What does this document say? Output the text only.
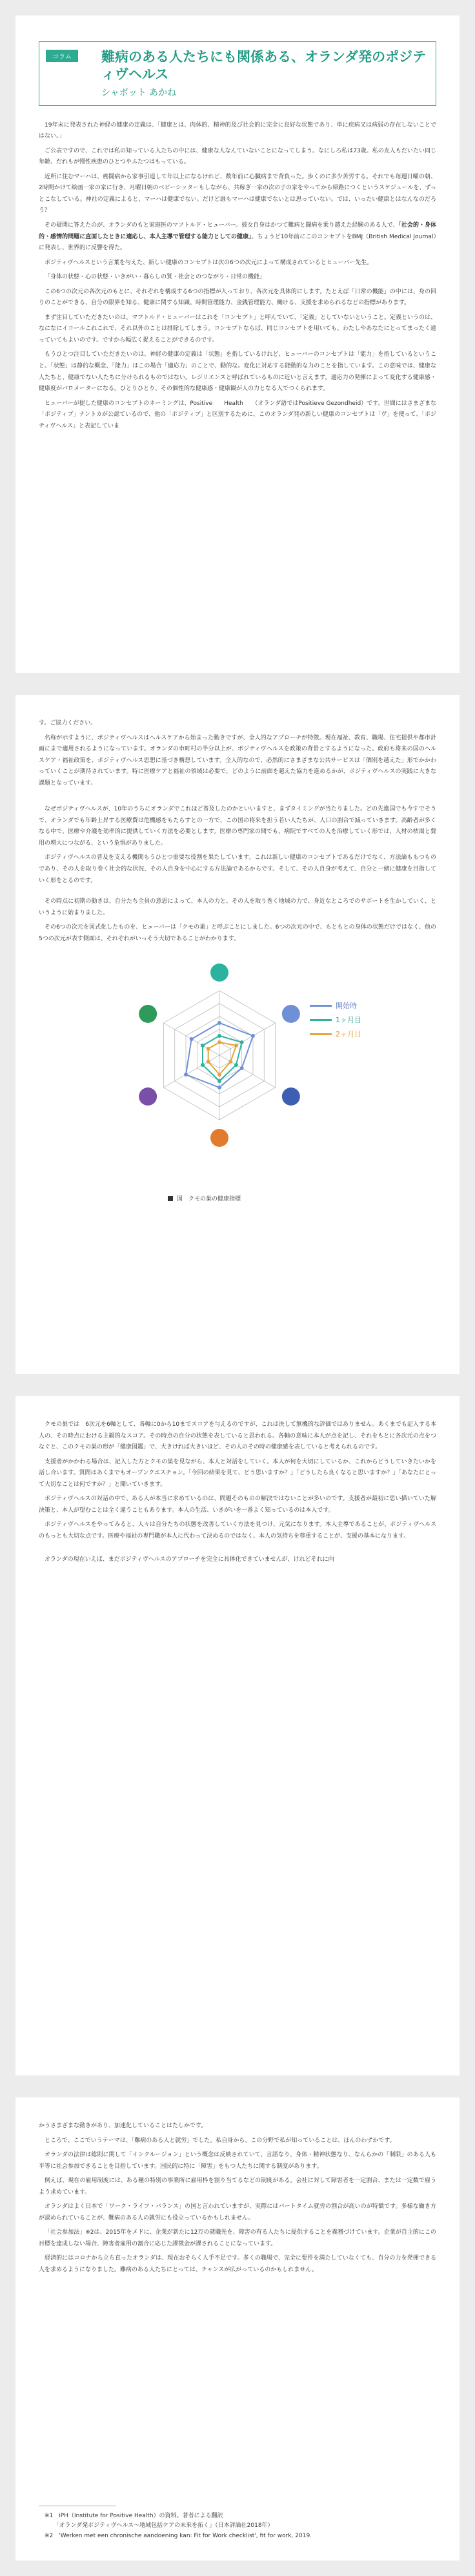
コラム	難病のある人たちにも関係ある、オランダ発のポジティヴヘルス
シャボット あかね

19年末に発表された神経の健康の定義は、「健康とは、肉体的、精神的及び社会的に完全に良好な状態であり、単に疾病又は病弱の存在しないことではない。」

ご公表ですので、これでは私の知っている人たちの中には、健康な人なんていないことになってしまう。なにしろ私は73歳。私の友人もだいたい同じ年齢。だれもが慢性疾患のひとつやふたつはもっている。

近所に住むマーハは、癌闘病から家事引退して年以上になるけれど、数年前に心臓病まで背負った。歩くのに多少苦労する。それでも毎週日曜の朝、2時間かけて絵画一家の家に行き、月曜日朝のベビーシッターもしながら、共稼ぎ一家の次の子の家をやってから帰路につくというスケジュールを、ずっとこなしている。神社の定義によると、マーハは健康でない。だけど誰もマーハは健康でないとは思っていない。では、いったい健康とはなんなのだろう？

その疑問に答えたのが、オランダのもと家庭医のマフトルド・ヒューバー。彼女自身はかつて難病と闘病を乗り越えた経験のある人で、「社会的・身体的・感情的問題に直面したときに適応し、本人主導で管理する能力としての健康」。ちょうど10年前にこのコンセプトをBMJ（British Medical Journal）に発表し、世界的に反響を得た。

ポジティヴヘルスという言葉を与えた、新しい健康のコンセプトは次の6つの次元によって構成されているとヒューバー先生。

「身体の状態・心の状態・いきがい・暮らしの質・社会とのつながり・日常の機能」

この6つの次元の各次元のもとに、それぞれを構成する6つの指標が入っており、各次元を具体的にします。たとえば「日常の機能」の中には、身の回りのことができる、自分の限界を知る、健康に関する知識、時間管理能力、金銭管理能力、働ける、支援を求められるなどの指標があります。

まず注目していただきたいのは、マフトルド・ヒューバーはこれを「コンセプト」と呼んでいて、「定義」としていないということ。定義というのは、なになにイコールこれこれで、それ以外のことは排除してしまう。コンセプトならば、同じコンセプトを用いても、わたしやあなたにとってまったく違っていてもよいのです。ですから幅広く捉えることができるのです。

もうひとつ注目していただきたいのは、神経の健康の定義は「状態」を指しているけれど、ヒューバーのコンセプトは「能力」を指しているということ。「状態」は静的な概念、「能力」はこの場合「適応力」のことで、動的な。変化に対応する能動的な力のことを指しています。この意味では、健康な人たちと、健康でない人たちに分けられるものではない。レジリエンスと呼ばれているものに近いと言えます。適応力の発揮によって変化する健康感・健康度がバロメーターになる。ひとりひとり、その個性的な健康感・健康観が人の力となる人でつくられます。

ヒューバーが提した健康のコンセプトのネーミングは、Positive　　Health　　（オランダ語ではPositieve Gezondheid）です。世間にはさまざまな「ポジティブ」ナントカが公認ているので、他の「ポジティブ」と区別するために、このオランダ発の新しい健康のコンセプトは「ヴ」を使って、「ポジティヴヘルス」と表記していま

す。ご協力ください。

名称が示すように、ポジティヴヘルスはヘルスケアから始まった動きですが、全人的なアプローチが特徴。現在福祉、教育、職場、住宅提供や都市計画にまで適用されるようになっています。オランダの市町村の半分以上が、ポジティヴヘルスを政策の背景とするようになった。政府も将来の国のヘルスケア・福祉政策を、ポジティヴヘルス思想に基づき構想しています。全人的なので、必然的にさまざまな公共サービスは「個別を越えた」形でかかわっていくことが期待されています。特に医療ケアと福祉の領域は必要で、どのように前面を越えた協力を進めるかが、ポジティヴヘルスの実践に大きな課題となっています。

なぜポジティヴヘルスが、10年のうちにオランダでこれほど普及したのかといいますと、まずタイミングが当たりました。どの先進国でも今すでそうで、オランダでも年齢上昇する医療費は危機感をもたらすとの一方で、この国の将来を担う若い人たちが、人口の割合で減っていきます。高齢者が多くなる中で、医療や介護を効率的に提供していく方法を必要とします。医療の専門家の間でも、病院ですべての人を治療していく形では、人材の枯渇と費用の増大につながる、という危惧がありました。

ポジティヴヘルスの普及を支える機関もうひとつ重要な役割を果たしています。これは新しい健康のコンセプトであるだけでなく、方法論ももつものであり、その人を取り巻く社会的な状況、その人自身を中心にする方法論であるからです。そして、その人自身が考えて、自分と一緒に健康を目指していく形をとるのです。

その時点に初期の動きは、自分たち全員の意思によって、本人の力と、その人を取り巻く地域の力で、身近なところでのサポートを生かしていく、というように始まりました。

その6つの次元を図式化したものを、ヒューバーは「クモの巣」と呼ぶことにしました。6つの次元の中で、もともとの身体の状態だけではなく、他の5つの次元が表す側面は、それぞれがいっそう大切であることがわかります。

開始時
1ヶ月目
2ヶ月目
図　クモの巣の健康指標

クモの巣では　6次元を6軸として、各軸に0から10までスコアを与えるのですが、これは決して無機的な評価ではありません。あくまでも記入する本人の、その時点における主観的なスコア。その時点の自分の状態を表していると思われる。各軸の意味に本人が点を記し、それをもとに各次元の点をつなぐと、このクモの巣の形が「健康図鑑」で、大きければ大きいほど、その人のその時の健康感を表していると考えられるのです。

支援者がかかわる場合は、記入した方とクモの巣を見ながら、本人と対話をしていく。本人が何を大切にしているか、これからどうしていきたいかを話し合います。質問はあくまでもオープンクエスチョン。「今回の結果を見て、どう思いますか？」「どうしたら良くなると思いますか？」「あなたにとって大切なことは何ですか？」と聞いていきます。

ポジティヴヘルスの対話の中で、ある人が本当に求めているのは、問題そのものの解決ではないことが多いのです。支援者が最初に思い描いていた解決策と、本人が望むことは全く違うこともあります。本人の生活、いきがいを一番よく知っているのは本人です。

ポジティヴヘルスをやってみると、人々は自分たちの状態を改善していく方法を見つけ、元気になります。本人主導であることが、ポジティヴヘルスのもっとも大切な点です。医療や福祉の専門職が本人に代わって決めるのではなく、本人の気持ちを尊重することが、支援の基本になります。

オランダの現在いえば、まだポジティヴヘルスのアプローチを完全に具体化できていませんが、けれどそれに向

かうさまざまな動きがあり、加速化していることはたしかです。

ところで、ここでいうテーマは、「難病のある人と就労」でした。私自身から、この分野で私が知っていることは、ほんのわずかです。

オランダの法律は総則に関して「インクルージョン」という概念は反映されていて、言語なり、身体・精神状態なり、なんらかの「制限」のある人も平等に社会参加できることを目指しています。国民的に特に「障害」をもつ人たちに関する制度があります。

例えば、現在の雇用制度には、ある種の特別の事業所に雇用枠を割り当てるなどの制度がある。会社に対して障害者を一定割合、または一定数で雇うよう求めています。

オランダはよく日本で「ワーク・ライフ・バランス」の国と言われていますが、実際にはパートタイム就労の割合が高いのが特徴です。多様な働き方が認められていることが、難病のある人の就労にも役立っているかもしれません。

「社会参加法」※2は、2015年をメドに、企業が新たに12万の就職先を、障害の有る人たちに提供することを義務づけています。企業が自主的にこの目標を達成しない場合、障害者雇用の割合に応じた課徴金が課されることになっています。

経済的にはコロナから立ち直ったオランダは、現在おそらく人手不足です。多くの職場で、完全に要件を満たしていなくても、自分の力を発揮できる人を求めるようになりました。難病のある人たちにとっては、チャンスが広がっているのかもしれません。

※1　iPH（Institute for Positive Health）の資料。著者による翻訳

　　「オランダ発ポジティヴヘルス～地域包括ケアの未来を拓く」（日本評論社2018年）

※2　'Werken met een chronische aandoening kan: Fit for Work checklist', fit for work, 2019.
